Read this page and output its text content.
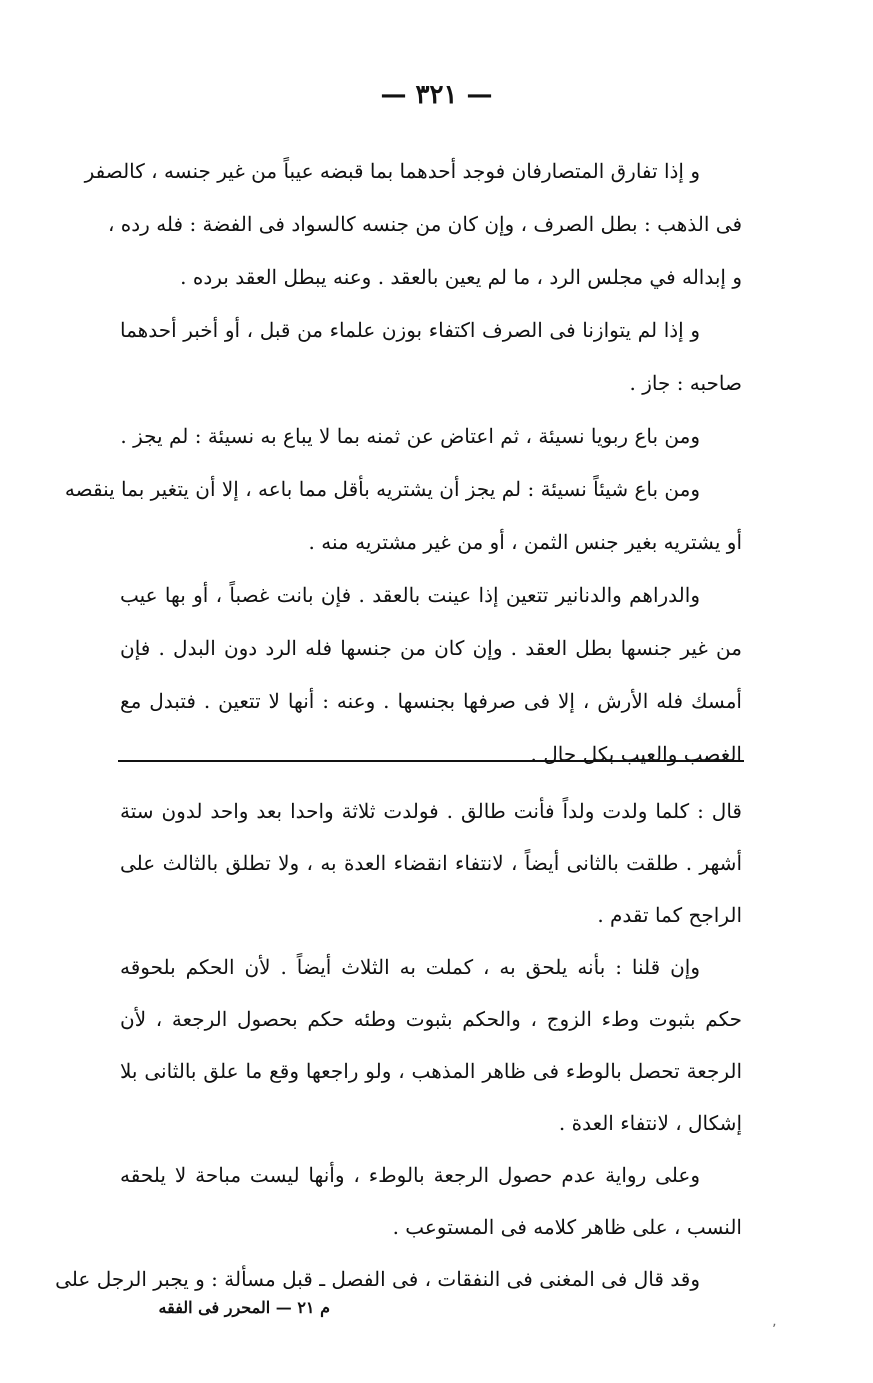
— ٣٢١ —
و إذا تفارق المتصارفان فوجد أحدهما بما قبضه عيباً من غير جنسه ، كالصفر
فى الذهب : بطل الصرف ، وإن كان من جنسه كالسواد فى الفضة : فله رده ،
و إبداله في مجلس الرد ، ما لم يعين بالعقد . وعنه يبطل العقد برده .
و إذا لم يتوازنا فى الصرف اكتفاء بوزن علماء من قبل ، أو أخبر أحدهما
صاحبه : جاز .
ومن باع ربويا نسيئة ، ثم اعتاض عن ثمنه بما لا يباع به نسيئة : لم يجز .
ومن باع شيئاً نسيئة : لم يجز أن يشتريه بأقل مما باعه ، إلا أن يتغير بما ينقصه
أو يشتريه بغير جنس الثمن ، أو من غير مشتريه منه .
والدراهم والدنانير تتعين إذا عينت بالعقد . فإن بانت غصباً ، أو بها عيب
من غير جنسها بطل العقد . وإن كان من جنسها فله الرد دون البدل . فإن
أمسك فله الأرش ، إلا فى صرفها بجنسها . وعنه : أنها لا تتعين . فتبدل مع
الغصب والعيب بكل حال .
قال : كلما ولدت ولداً فأنت طالق . فولدت ثلاثة واحدا بعد واحد لدون ستة
أشهر . طلقت بالثانى أيضاً ، لانتفاء انقضاء العدة به ، ولا تطلق بالثالث على
الراجح كما تقدم .
وإن قلنا : بأنه يلحق به ، كملت به الثلاث أيضاً . لأن الحكم بلحوقه
حكم بثبوت وطء الزوج ، والحكم بثبوت وطئه حكم بحصول الرجعة ، لأن
الرجعة تحصل بالوطء فى ظاهر المذهب ، ولو راجعها وقع ما علق بالثانى بلا
إشكال ، لانتفاء العدة .
وعلى رواية عدم حصول الرجعة بالوطء ، وأنها ليست مباحة لا يلحقه
النسب ، على ظاهر كلامه فى المستوعب .
وقد قال فى المغنى فى النفقات ، فى الفصل ـ قبل مسألة : و يجبر الرجل على
م ٢١ — المحرر فى الفقه
٬
